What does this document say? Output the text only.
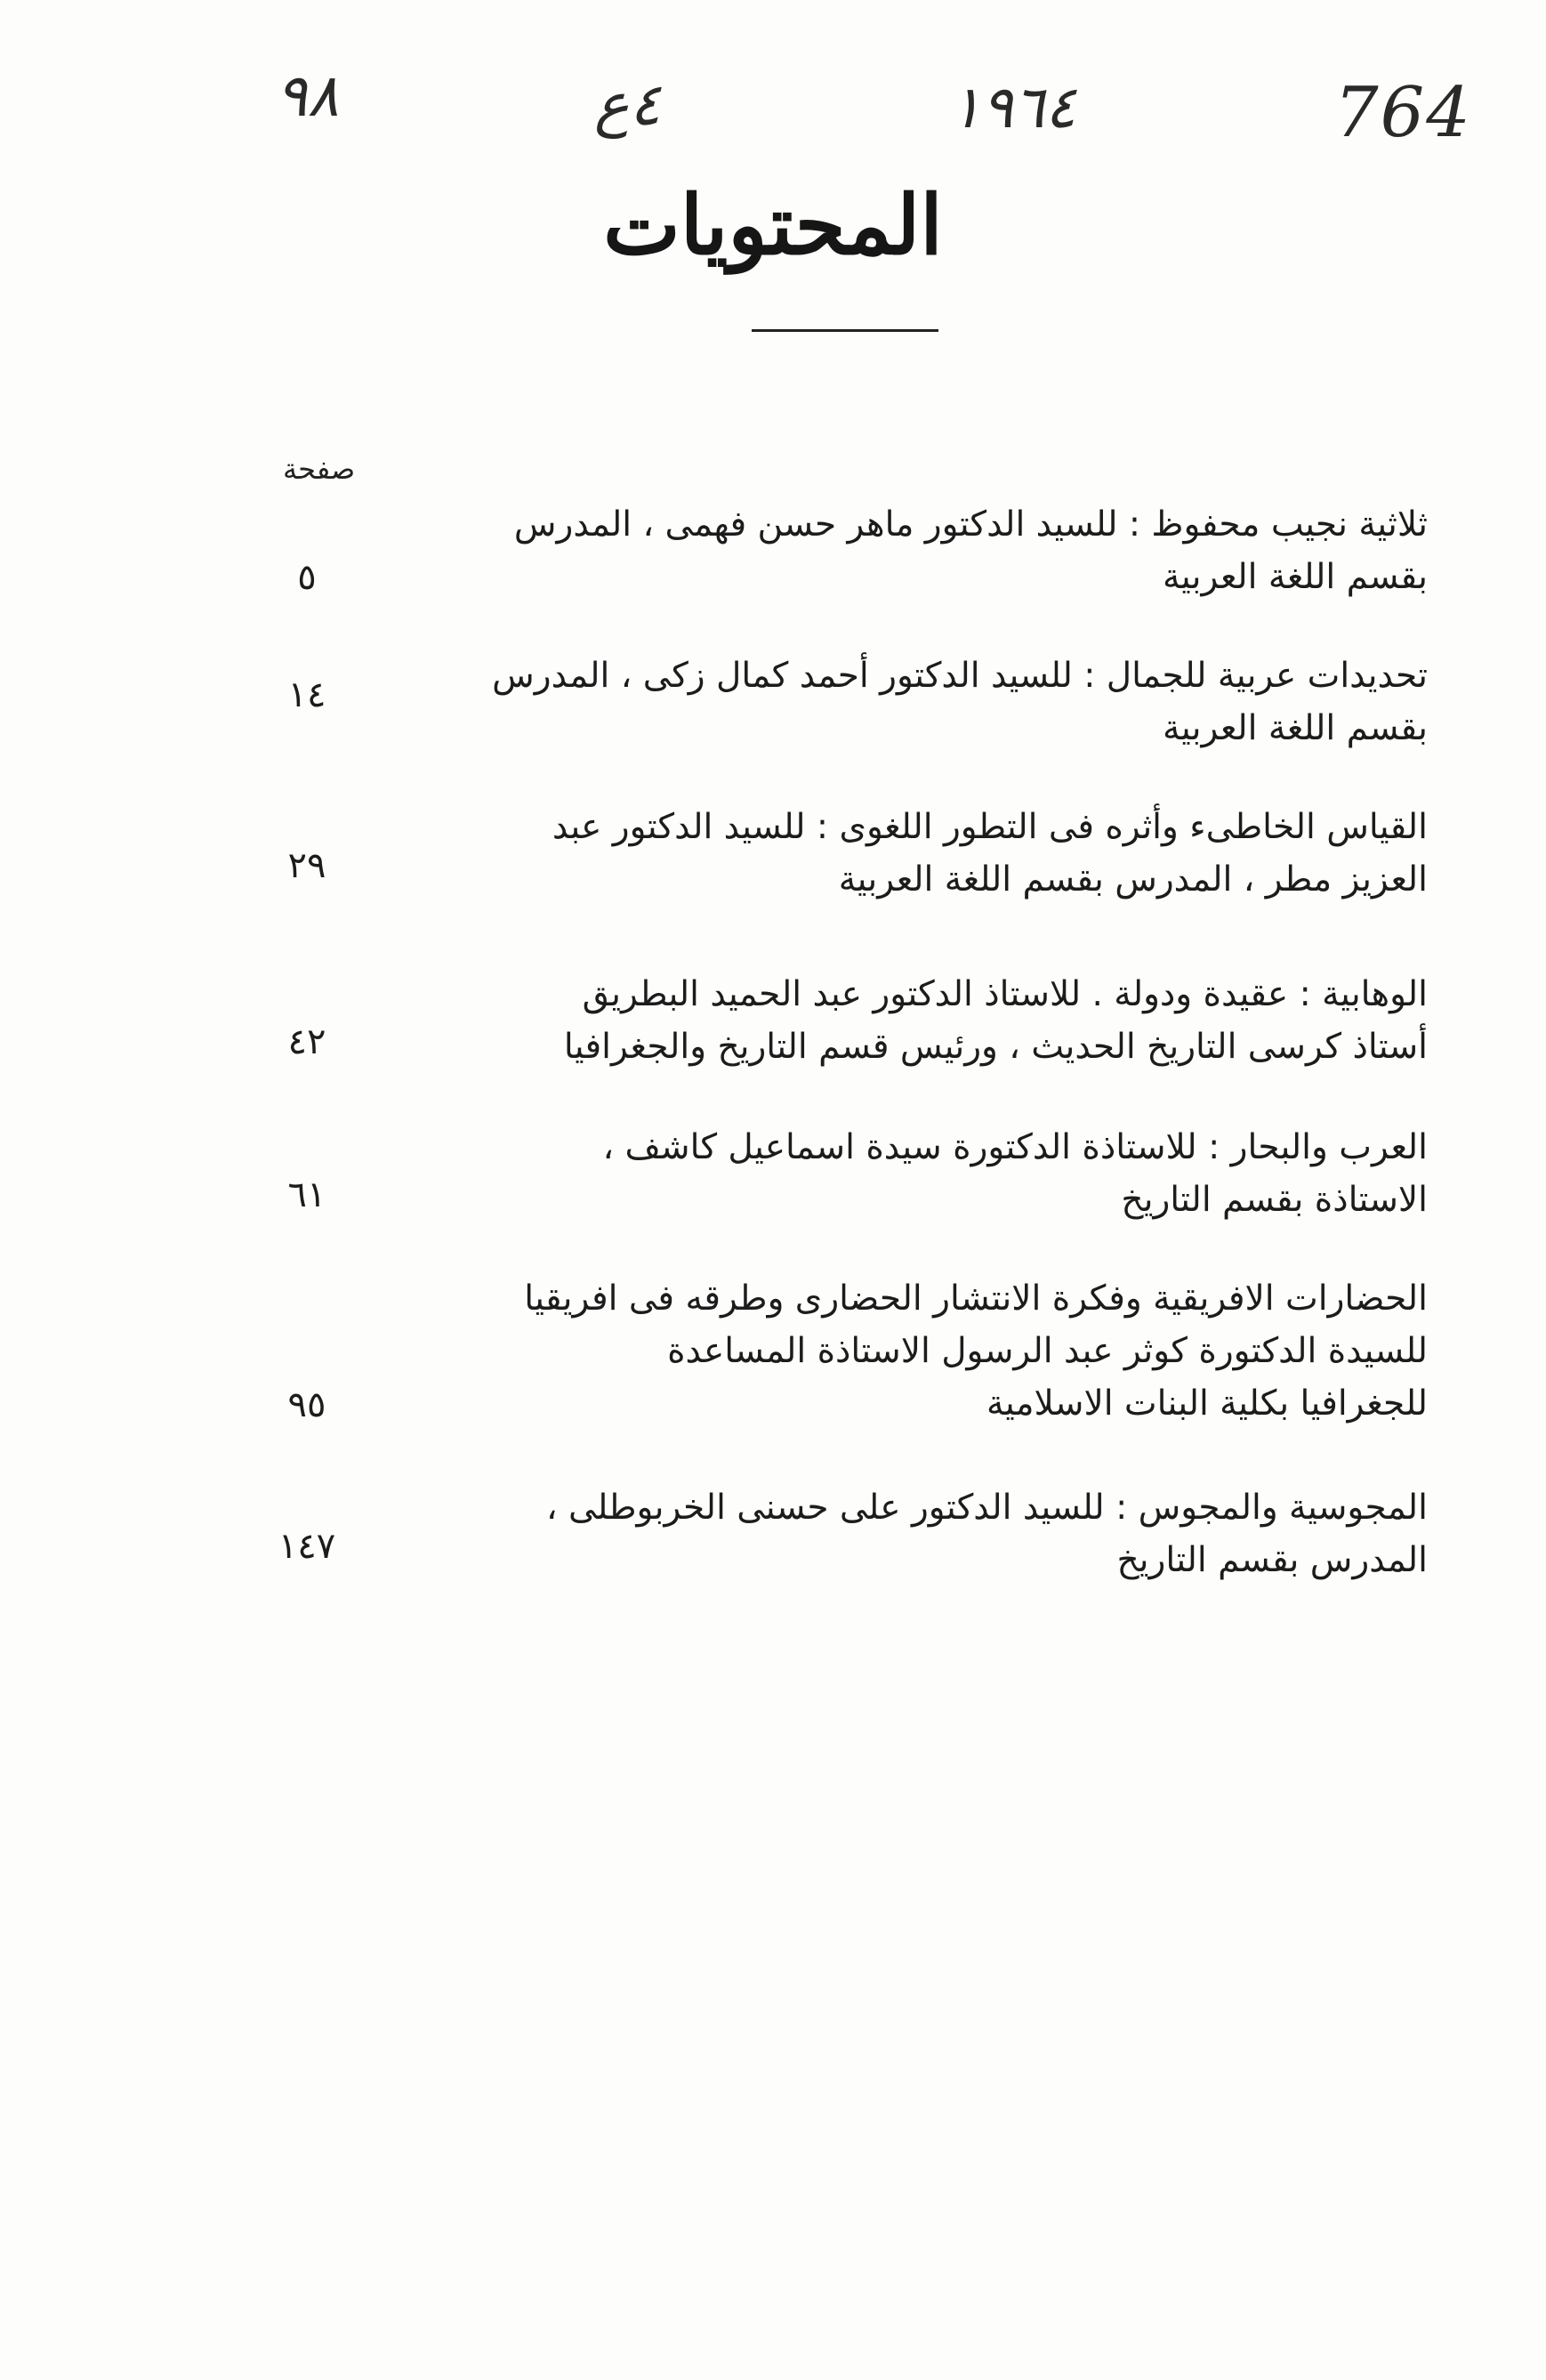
٩٨	٤ع	١٩٦٤	764
المحتويات
صفحة
ثلاثية نجيب محفوظ : للسيد الدكتور ماهر حسن فهمى ، المدرس
بقسم اللغة العربية
٥
تحديدات عربية للجمال : للسيد الدكتور أحمد كمال زكى ، المدرس
بقسم اللغة العربية
١٤
القياس الخاطىء وأثره فى التطور اللغوى : للسيد الدكتور عبد
العزيز مطر ، المدرس بقسم اللغة العربية
٢٩
الوهابية : عقيدة ودولة . للاستاذ الدكتور عبد الحميد البطريق
أستاذ كرسى التاريخ الحديث ، ورئيس قسم التاريخ والجغرافيا
٤٢
العرب والبحار : للاستاذة الدكتورة سيدة اسماعيل كاشف ،
الاستاذة بقسم التاريخ
٦١
الحضارات الافريقية وفكرة الانتشار الحضارى وطرقه فى افريقيا
للسيدة الدكتورة كوثر عبد الرسول الاستاذة المساعدة
للجغرافيا بكلية البنات الاسلامية
٩٥
المجوسية والمجوس : للسيد الدكتور على حسنى الخربوطلى ،
المدرس بقسم التاريخ
١٤٧
